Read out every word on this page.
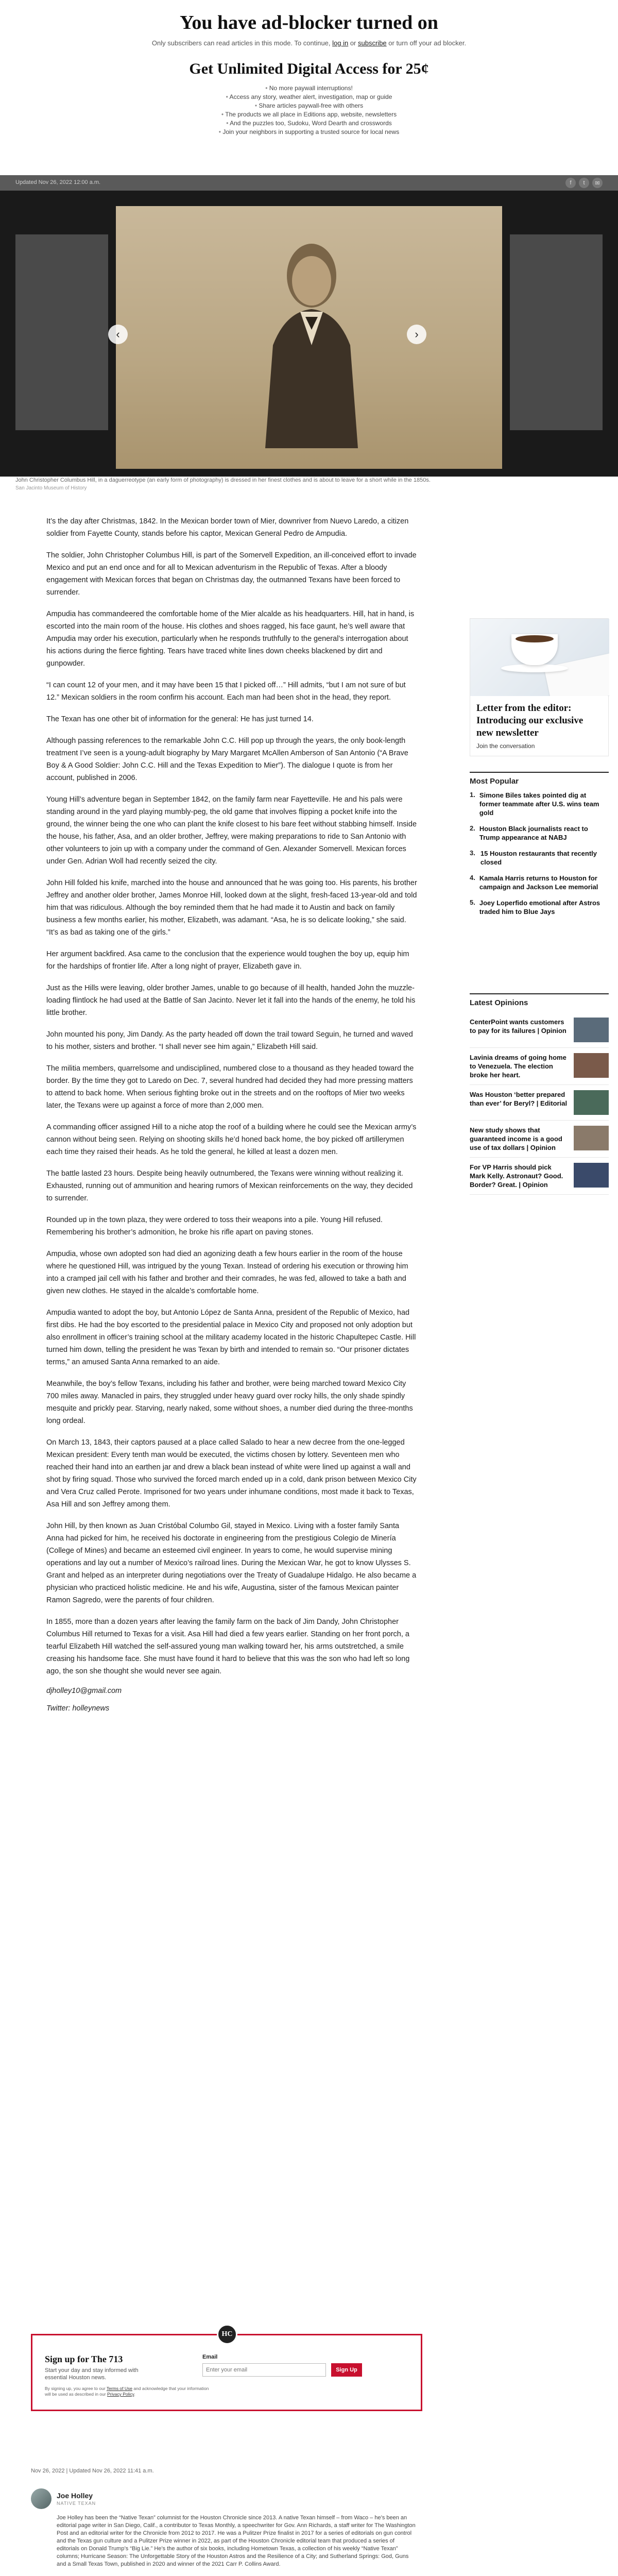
You have ad-blocker turned on
Only subscribers can read articles in this mode. To continue, log in or subscribe or turn off your ad blocker.
Get Unlimited Digital Access for 25¢
• No more paywall interruptions!
• Access any story, weather alert, investigation, map or guide
• Share articles paywall-free with others
• The products we all place in Editions app, website, newsletters
• And the puzzles too, Sudoku, Word Dearth and crosswords
• Join your neighbors in supporting a trusted source for local news
Updated Nov 26, 2022 12:00 a.m.	f	t	✉
‹	›
John Christopher Columbus Hill, in a daguerreotype (an early form of photography) is dressed in her finest clothes and is about to leave for a short while in the 1850s.
San Jacinto Museum of History

It’s the day after Christmas, 1842. In the Mexican border town of Mier, downriver from Nuevo Laredo, a citizen soldier from Fayette County, stands before his captor, Mexican General Pedro de Ampudia.

The soldier, John Christopher Columbus Hill, is part of the Somervell Expedition, an ill-conceived effort to invade Mexico and put an end once and for all to Mexican adventurism in the Republic of Texas. After a bloody engagement with Mexican forces that began on Christmas day, the outmanned Texans have been forced to surrender.

Ampudia has commandeered the comfortable home of the Mier alcalde as his headquarters. Hill, hat in hand, is escorted into the main room of the house. His clothes and shoes ragged, his face gaunt, he’s well aware that Ampudia may order his execution, particularly when he responds truthfully to the general’s interrogation about his actions during the fierce fighting. Tears have traced white lines down cheeks blackened by dirt and gunpowder.

“I can count 12 of your men, and it may have been 15 that I picked off…” Hill admits, “but I am not sure of but 12.” Mexican soldiers in the room confirm his account. Each man had been shot in the head, they report.

The Texan has one other bit of information for the general: He has just turned 14.

Although passing references to the remarkable John C.C. Hill pop up through the years, the only book-length treatment I’ve seen is a young-adult biography by Mary Margaret McAllen Amberson of San Antonio (“A Brave Boy & A Good Soldier: John C.C. Hill and the Texas Expedition to Mier”). The dialogue I quote is from her account, published in 2006.

Young Hill’s adventure began in September 1842, on the family farm near Fayetteville. He and his pals were standing around in the yard playing mumbly-peg, the old game that involves flipping a pocket knife into the ground, the winner being the one who can plant the knife closest to his bare feet without stabbing himself. Inside the house, his father, Asa, and an older brother, Jeffrey, were making preparations to ride to San Antonio with other volunteers to join up with a company under the command of Gen. Alexander Somervell. Mexican forces under Gen. Adrian Woll had recently seized the city.

John Hill folded his knife, marched into the house and announced that he was going too. His parents, his brother Jeffrey and another older brother, James Monroe Hill, looked down at the slight, fresh-faced 13-year-old and told him that was ridiculous. Although the boy reminded them that he had made it to Austin and back on family business a few months earlier, his mother, Elizabeth, was adamant. “Asa, he is so delicate looking,” she said. “It’s as bad as taking one of the girls.”

Her argument backfired. Asa came to the conclusion that the experience would toughen the boy up, equip him for the hardships of frontier life. After a long night of prayer, Elizabeth gave in.

Just as the Hills were leaving, older brother James, unable to go because of ill health, handed John the muzzle-loading flintlock he had used at the Battle of San Jacinto. Never let it fall into the hands of the enemy, he told his little brother.

John mounted his pony, Jim Dandy. As the party headed off down the trail toward Seguin, he turned and waved to his mother, sisters and brother. “I shall never see him again,” Elizabeth Hill said.

The militia members, quarrelsome and undisciplined, numbered close to a thousand as they headed toward the border. By the time they got to Laredo on Dec. 7, several hundred had decided they had more pressing matters to attend to back home. When serious fighting broke out in the streets and on the rooftops of Mier two weeks later, the Texans were up against a force of more than 2,000 men.

A commanding officer assigned Hill to a niche atop the roof of a building where he could see the Mexican army’s cannon without being seen. Relying on shooting skills he’d honed back home, the boy picked off artillerymen each time they raised their heads. As he told the general, he killed at least a dozen men.

The battle lasted 23 hours. Despite being heavily outnumbered, the Texans were winning without realizing it. Exhausted, running out of ammunition and hearing rumors of Mexican reinforcements on the way, they decided to surrender.

Rounded up in the town plaza, they were ordered to toss their weapons into a pile. Young Hill refused. Remembering his brother’s admonition, he broke his rifle apart on paving stones.

Ampudia, whose own adopted son had died an agonizing death a few hours earlier in the room of the house where he questioned Hill, was intrigued by the young Texan. Instead of ordering his execution or throwing him into a cramped jail cell with his father and brother and their comrades, he was fed, allowed to take a bath and given new clothes. He stayed in the alcalde’s comfortable home.

Ampudia wanted to adopt the boy, but Antonio López de Santa Anna, president of the Republic of Mexico, had first dibs. He had the boy escorted to the presidential palace in Mexico City and proposed not only adoption but also enrollment in officer’s training school at the military academy located in the historic Chapultepec Castle. Hill turned him down, telling the president he was Texan by birth and intended to remain so. “Our prisoner dictates terms,” an amused Santa Anna remarked to an aide.

Meanwhile, the boy’s fellow Texans, including his father and brother, were being marched toward Mexico City 700 miles away. Manacled in pairs, they struggled under heavy guard over rocky hills, the only shade spindly mesquite and prickly pear. Starving, nearly naked, some without shoes, a number died during the three-months long ordeal.

On March 13, 1843, their captors paused at a place called Salado to hear a new decree from the one-legged Mexican president: Every tenth man would be executed, the victims chosen by lottery. Seventeen men who reached their hand into an earthen jar and drew a black bean instead of white were lined up against a wall and shot by firing squad. Those who survived the forced march ended up in a cold, dank prison between Mexico City and Vera Cruz called Perote. Imprisoned for two years under inhumane conditions, most made it back to Texas, Asa Hill and son Jeffrey among them.

John Hill, by then known as Juan Cristóbal Columbo Gil, stayed in Mexico. Living with a foster family Santa Anna had picked for him, he received his doctorate in engineering from the prestigious Colegio de Minería (College of Mines) and became an esteemed civil engineer. In years to come, he would supervise mining operations and lay out a number of Mexico’s railroad lines. During the Mexican War, he got to know Ulysses S. Grant and helped as an interpreter during negotiations over the Treaty of Guadalupe Hidalgo. He also became a physician who practiced holistic medicine. He and his wife, Augustina, sister of the famous Mexican painter Ramon Sagredo, were the parents of four children.

In 1855, more than a dozen years after leaving the family farm on the back of Jim Dandy, John Christopher Columbus Hill returned to Texas for a visit. Asa Hill had died a few years earlier. Standing on her front porch, a tearful Elizabeth Hill watched the self-assured young man walking toward her, his arms outstretched, a smile creasing his handsome face. She must have found it hard to believe that this was the son who had left so long ago, the son she thought she would never see again.

djholley10@gmail.com
Twitter: holleynews
Letter from the editor: Introducing our exclusive new newsletter
Join the conversation
Most Popular
1. Simone Biles takes pointed dig at former teammate after U.S. wins team gold
2. Houston Black journalists react to Trump appearance at NABJ
3. 15 Houston restaurants that recently closed
4. Kamala Harris returns to Houston for campaign and Jackson Lee memorial
5. Joey Loperfido emotional after Astros traded him to Blue Jays
Latest Opinions
CenterPoint wants customers to pay for its failures | Opinion
Lavinia dreams of going home to Venezuela. The election broke her heart.
Was Houston ‘better prepared than ever’ for Beryl? | Editorial
New study shows that guaranteed income is a good use of tax dollars | Opinion
For VP Harris should pick Mark Kelly. Astronaut? Good. Border? Great. | Opinion
HC
Sign up for The 713
Start your day and stay informed with essential Houston news.
Email
Enter your email
Sign Up
By signing up, you agree to our Terms of Use and acknowledge that your information will be used as described in our Privacy Policy.
Nov 26, 2022 | Updated Nov 26, 2022 11:41 a.m.
Joe Holley
NATIVE TEXAN
Joe Holley has been the “Native Texan” columnist for the Houston Chronicle since 2013. A native Texan himself – from Waco – he’s been an editorial page writer in San Diego, Calif., a contributor to Texas Monthly, a speechwriter for Gov. Ann Richards, a staff writer for The Washington Post and an editorial writer for the Chronicle from 2012 to 2017. He was a Pulitzer Prize finalist in 2017 for a series of editorials on gun control and the Texas gun culture and a Pulitzer Prize winner in 2022, as part of the Houston Chronicle editorial team that produced a series of editorials on Donald Trump’s “Big Lie.” He’s the author of six books, including Hometown Texas, a collection of his weekly “Native Texan” columns; Hurricane Season: The Unforgettable Story of the Houston Astros and the Resilience of a City; and Sutherland Springs: God, Guns and a Small Texas Town, published in 2020 and winner of the 2021 Carr P. Collins Award.
